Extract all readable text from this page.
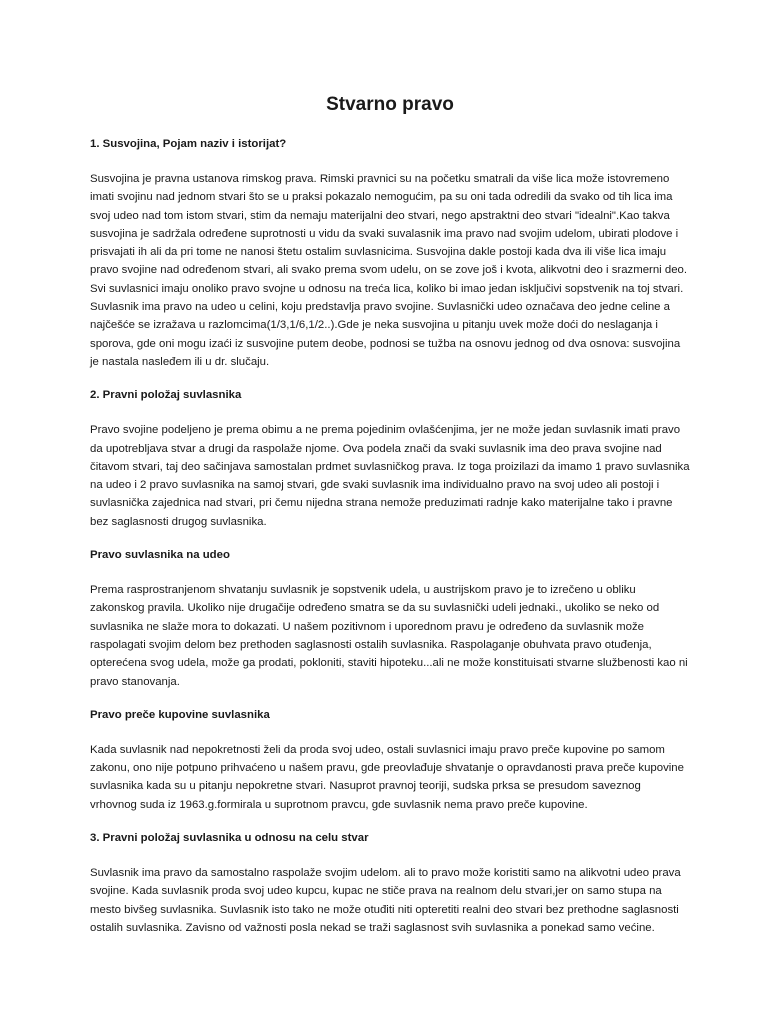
Stvarno pravo
1. Susvojina, Pojam naziv i istorijat?

Susvojina je pravna ustanova rimskog prava. Rimski pravnici su na početku smatrali da više lica može istovremeno imati svojinu nad jednom stvari što se u praksi pokazalo nemogućim, pa su oni tada odredili da svako od tih lica ima svoj udeo nad tom istom stvari, stim da nemaju materijalni deo stvari, nego apstraktni deo stvari "idealni".Kao takva susvojina je sadržala određene suprotnosti u vidu da svaki suvalasnik ima pravo nad svojim udelom, ubirati plodove i prisvajati ih ali da pri tome ne nanosi štetu ostalim suvlasnicima. Susvojina dakle postoji kada dva ili više lica imaju pravo svojine nad određenom stvari, ali svako prema svom udelu, on se zove još i kvota, alikvotni deo i srazmerni deo. Svi suvlasnici imaju onoliko pravo svojne u odnosu na treća lica, koliko bi imao jedan isključivi sopstvenik na toj stvari. Suvlasnik ima pravo na udeo u celini, koju predstavlja pravo svojine. Suvlasnički udeo označava deo jedne celine a najčešće se izražava u razlomcima(1/3,1/6,1/2..).Gde je neka susvojina u pitanju uvek može doći do neslaganja i sporova, gde oni mogu izaći iz susvojine putem deobe, podnosi se tužba na osnovu jednog od dva osnova: susvojina je nastala nasleđem ili u dr. slučaju.

2. Pravni položaj suvlasnika

Pravo svojine podeljeno je prema obimu a ne prema pojedinim ovlašćenjima, jer ne može jedan suvlasnik imati pravo da upotrebljava stvar a drugi da raspolaže njome. Ova podela znači da svaki suvlasnik ima deo prava svojine nad čitavom stvari, taj deo sačinjava samostalan prdmet suvlasničkog prava. Iz toga proizilazi da imamo 1 pravo suvlasnika na udeo i 2 pravo suvlasnika na samoj stvari, gde svaki suvlasnik ima individualno pravo na svoj udeo ali postoji i suvlasnička zajednica nad stvari, pri čemu nijedna strana nemože preduzimati radnje kako materijalne tako i pravne bez saglasnosti drugog suvlasnika.

Pravo suvlasnika na udeo

Prema rasprostranjenom shvatanju suvlasnik je sopstvenik udela, u austrijskom pravo je to izrečeno u obliku zakonskog pravila. Ukoliko nije drugačije određeno smatra se da su suvlasnički udeli jednaki., ukoliko se neko od suvlasnika ne slaže mora to dokazati. U našem pozitivnom i uporednom pravu je određeno da suvlasnik može raspolagati svojim delom bez prethoden saglasnosti ostalih suvlasnika. Raspolaganje obuhvata pravo otuđenja, opterećena svog udela, može ga prodati, pokloniti, staviti hipoteku...ali ne može konstituisati stvarne službenosti kao ni pravo stanovanja.

Pravo preče kupovine suvlasnika

Kada suvlasnik nad nepokretnosti želi da proda svoj udeo, ostali suvlasnici imaju pravo preče kupovine po samom zakonu, ono nije potpuno prihvaćeno u našem pravu, gde preovlađuje shvatanje o opravdanosti prava preče kupovine suvlasnika kada su u pitanju nepokretne stvari. Nasuprot pravnoj teoriji, sudska prksa se presudom saveznog vrhovnog suda iz 1963.g.formirala u suprotnom pravcu, gde suvlasnik nema pravo preče kupovine.

3. Pravni položaj suvlasnika u odnosu na celu stvar

Suvlasnik ima pravo da samostalno raspolaže svojim udelom. ali to pravo može koristiti samo na alikvotni udeo prava svojine. Kada suvlasnik proda svoj udeo kupcu, kupac ne stiče prava na realnom delu stvari,jer on samo stupa na mesto bivšeg suvlasnika. Suvlasnik isto tako ne može otuđiti niti opteretiti realni deo stvari bez prethodne saglasnosti ostalih suvlasnika. Zavisno od važnosti posla nekad se traži saglasnost svih suvlasnika a ponekad samo većine.
